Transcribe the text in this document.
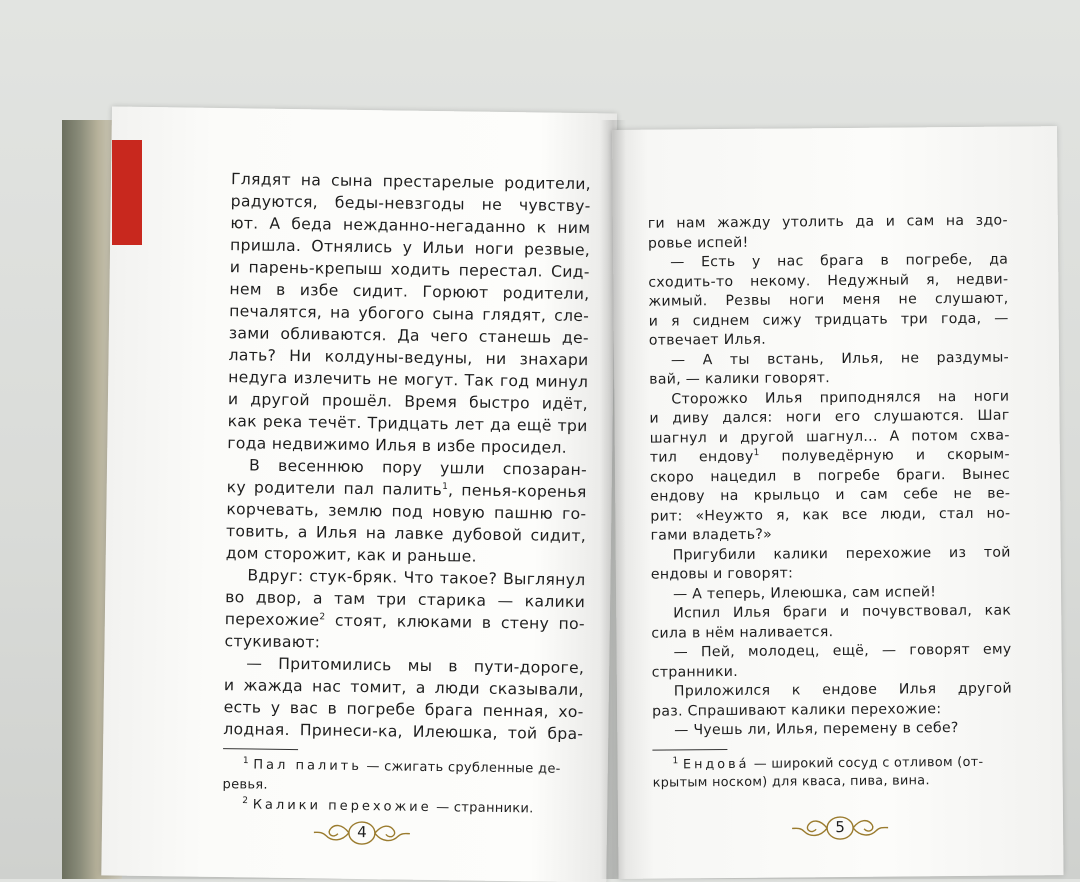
Глядят на сына престарелые родители,
радуются, беды-невзгоды не чувству-
ют. А беда нежданно-негаданно к ним
пришла. Отнялись у Ильи ноги резвые,
и парень-крепыш ходить перестал. Сид-
нем в избе сидит. Горюют родители,
печалятся, на убогого сына глядят, сле-
зами обливаются. Да чего станешь де-
лать? Ни колдуны-ведуны, ни знахари
недуга излечить не могут. Так год минул
и другой прошёл. Время быстро идёт,
как река течёт. Тридцать лет да ещё три
года недвижимо Илья в избе просидел.
В весеннюю пору ушли спозаран-
ку родители пал палить$^1$, пенья-коренья
корчевать, землю под новую пашню го-
товить, а Илья на лавке дубовой сидит,
дом сторожит, как и раньше.
Вдруг: стук-бряк. Что такое? Выглянул
во двор, а там три старика — калики
перехожие$^2$ стоят, клюками в стену по-
стукивают:
— Притомились мы в пути-дороге,
и жажда нас томит, а люди сказывали,
есть у вас в погребе брага пенная, хо-
лодная. Принеси-ка, Илеюшка, той бра-
$^1$ Пал палить — сжигать срубленные де-
ревья.
$^2$ Калики перехожие — странники.
4
ги нам жажду утолить да и сам на здо-
ровье испей!
— Есть у нас брага в погребе, да
сходить-то некому. Недужный я, недви-
жимый. Резвы ноги меня не слушают,
и я сиднем сижу тридцать три года, —
отвечает Илья.
— А ты встань, Илья, не раздумы-
вай, — калики говорят.
Сторожко Илья приподнялся на ноги
и диву дался: ноги его слушаются. Шаг
шагнул и другой шагнул... А потом схва-
тил ендову$^1$ полуведёрную и скорым-
скоро нацедил в погребе браги. Вынес
ендову на крыльцо и сам себе не ве-
рит: «Неужто я, как все люди, стал но-
гами владеть?»
Пригубили калики перехожие из той
ендовы и говорят:
— А теперь, Илеюшка, сам испей!
Испил Илья браги и почувствовал, как
сила в нём наливается.
— Пей, молодец, ещё, — говорят ему
странники.
Приложился к ендове Илья другой
раз. Спрашивают калики перехожие:
— Чуешь ли, Илья, перемену в себе?
$^1$ Ендова́ — широкий сосуд с отливом (от-
крытым носком) для кваса, пива, вина.
5
